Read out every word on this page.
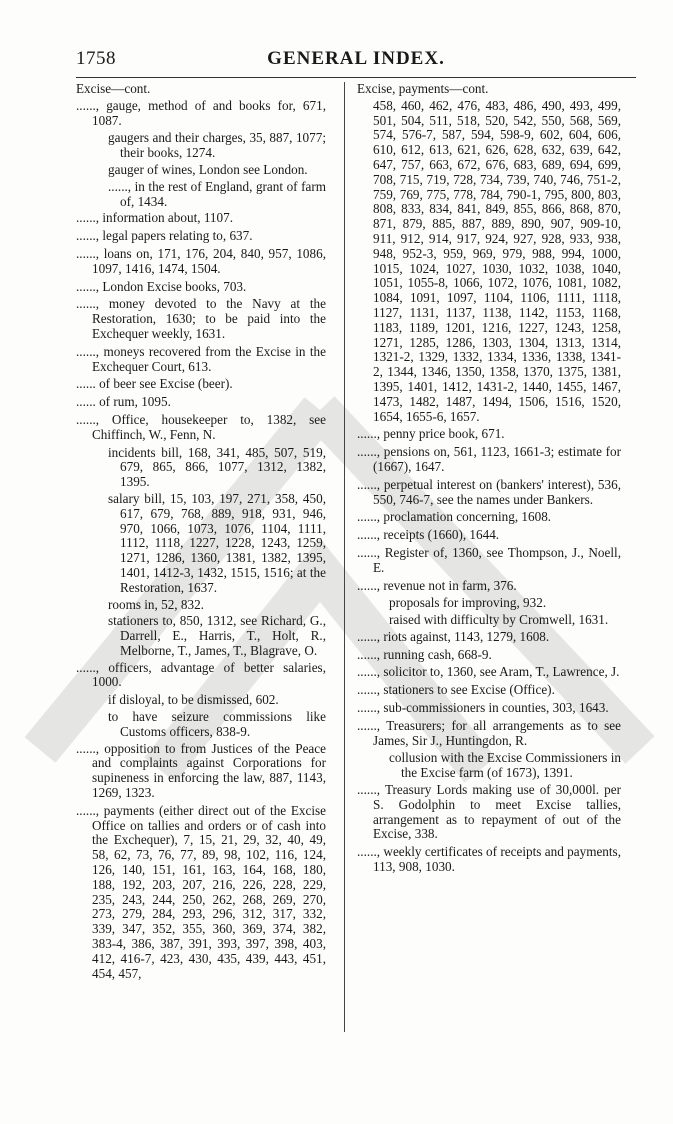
1758	GENERAL INDEX.
Excise—cont.
......, gauge, method of and books for, 671, 1087.
gaugers and their charges, 35, 887, 1077; their books, 1274.
gauger of wines, London see London.
......, in the rest of England, grant of farm of, 1434.
......, information about, 1107.
......, legal papers relating to, 637.
......, loans on, 171, 176, 204, 840, 957, 1086, 1097, 1416, 1474, 1504.
......, London Excise books, 703.
......, money devoted to the Navy at the Restoration, 1630; to be paid into the Exchequer weekly, 1631.
......, moneys recovered from the Excise in the Exchequer Court, 613.
...... of beer see Excise (beer).
...... of rum, 1095.
......, Office, housekeeper to, 1382, see Chiffinch, W., Fenn, N.
incidents bill, 168, 341, 485, 507, 519, 679, 865, 866, 1077, 1312, 1382, 1395.
salary bill, 15, 103, 197, 271, 358, 450, 617, 679, 768, 889, 918, 931, 946, 970, 1066, 1073, 1076, 1104, 1111, 1112, 1118, 1227, 1228, 1243, 1259, 1271, 1286, 1360, 1381, 1382, 1395, 1401, 1412-3, 1432, 1515, 1516; at the Restoration, 1637.
rooms in, 52, 832.
stationers to, 850, 1312, see Richard, G., Darrell, E., Harris, T., Holt, R., Melborne, T., James, T., Blagrave, O.
......, officers, advantage of better salaries, 1000.
if disloyal, to be dismissed, 602.
to have seizure commissions like Customs officers, 838-9.
......, opposition to from Justices of the Peace and complaints against Corporations for supineness in enforcing the law, 887, 1143, 1269, 1323.
......, payments (either direct out of the Excise Office on tallies and orders or of cash into the Exchequer), 7, 15, 21, 29, 32, 40, 49, 58, 62, 73, 76, 77, 89, 98, 102, 116, 124, 126, 140, 151, 161, 163, 164, 168, 180, 188, 192, 203, 207, 216, 226, 228, 229, 235, 243, 244, 250, 262, 268, 269, 270, 273, 279, 284, 293, 296, 312, 317, 332, 339, 347, 352, 355, 360, 369, 374, 382, 383-4, 386, 387, 391, 393, 397, 398, 403, 412, 416-7, 423, 430, 435, 439, 443, 451, 454, 457,
Excise, payments—cont.
458, 460, 462, 476, 483, 486, 490, 493, 499, 501, 504, 511, 518, 520, 542, 550, 568, 569, 574, 576-7, 587, 594, 598-9, 602, 604, 606, 610, 612, 613, 621, 626, 628, 632, 639, 642, 647, 757, 663, 672, 676, 683, 689, 694, 699, 708, 715, 719, 728, 734, 739, 740, 746, 751-2, 759, 769, 775, 778, 784, 790-1, 795, 800, 803, 808, 833, 834, 841, 849, 855, 866, 868, 870, 871, 879, 885, 887, 889, 890, 907, 909-10, 911, 912, 914, 917, 924, 927, 928, 933, 938, 948, 952-3, 959, 969, 979, 988, 994, 1000, 1015, 1024, 1027, 1030, 1032, 1038, 1040, 1051, 1055-8, 1066, 1072, 1076, 1081, 1082, 1084, 1091, 1097, 1104, 1106, 1111, 1118, 1127, 1131, 1137, 1138, 1142, 1153, 1168, 1183, 1189, 1201, 1216, 1227, 1243, 1258, 1271, 1285, 1286, 1303, 1304, 1313, 1314, 1321-2, 1329, 1332, 1334, 1336, 1338, 1341-2, 1344, 1346, 1350, 1358, 1370, 1375, 1381, 1395, 1401, 1412, 1431-2, 1440, 1455, 1467, 1473, 1482, 1487, 1494, 1506, 1516, 1520, 1654, 1655-6, 1657.
......, penny price book, 671.
......, pensions on, 561, 1123, 1661-3; estimate for (1667), 1647.
......, perpetual interest on (bankers' interest), 536, 550, 746-7, see the names under Bankers.
......, proclamation concerning, 1608.
......, receipts (1660), 1644.
......, Register of, 1360, see Thompson, J., Noell, E.
......, revenue not in farm, 376.
proposals for improving, 932.
raised with difficulty by Cromwell, 1631.
......, riots against, 1143, 1279, 1608.
......, running cash, 668-9.
......, solicitor to, 1360, see Aram, T., Lawrence, J.
......, stationers to see Excise (Office).
......, sub-commissioners in counties, 303, 1643.
......, Treasurers; for all arrangements as to see James, Sir J., Huntingdon, R.
collusion with the Excise Commissioners in the Excise farm (of 1673), 1391.
......, Treasury Lords making use of 30,000l. per S. Godolphin to meet Excise tallies, arrangement as to repayment of out of the Excise, 338.
......, weekly certificates of receipts and payments, 113, 908, 1030.
